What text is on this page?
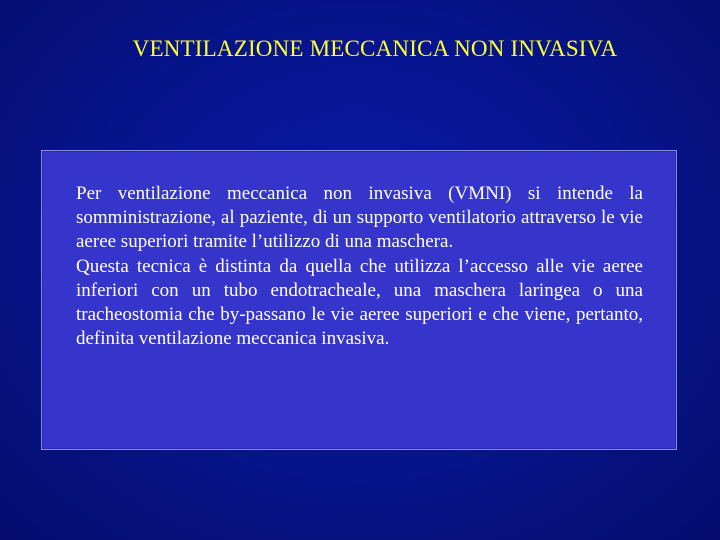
VENTILAZIONE MECCANICA NON INVASIVA

Per ventilazione meccanica non invasiva (VMNI) si intende la somministrazione, al paziente, di un supporto ventilatorio attraverso le vie aeree superiori tramite l’utilizzo di una maschera.

Questa tecnica è distinta da quella che utilizza l’accesso alle vie aeree inferiori con un tubo endotracheale, una maschera laringea o una tracheostomia che by-passano le vie aeree superiori e che viene, pertanto, definita ventilazione meccanica invasiva.
